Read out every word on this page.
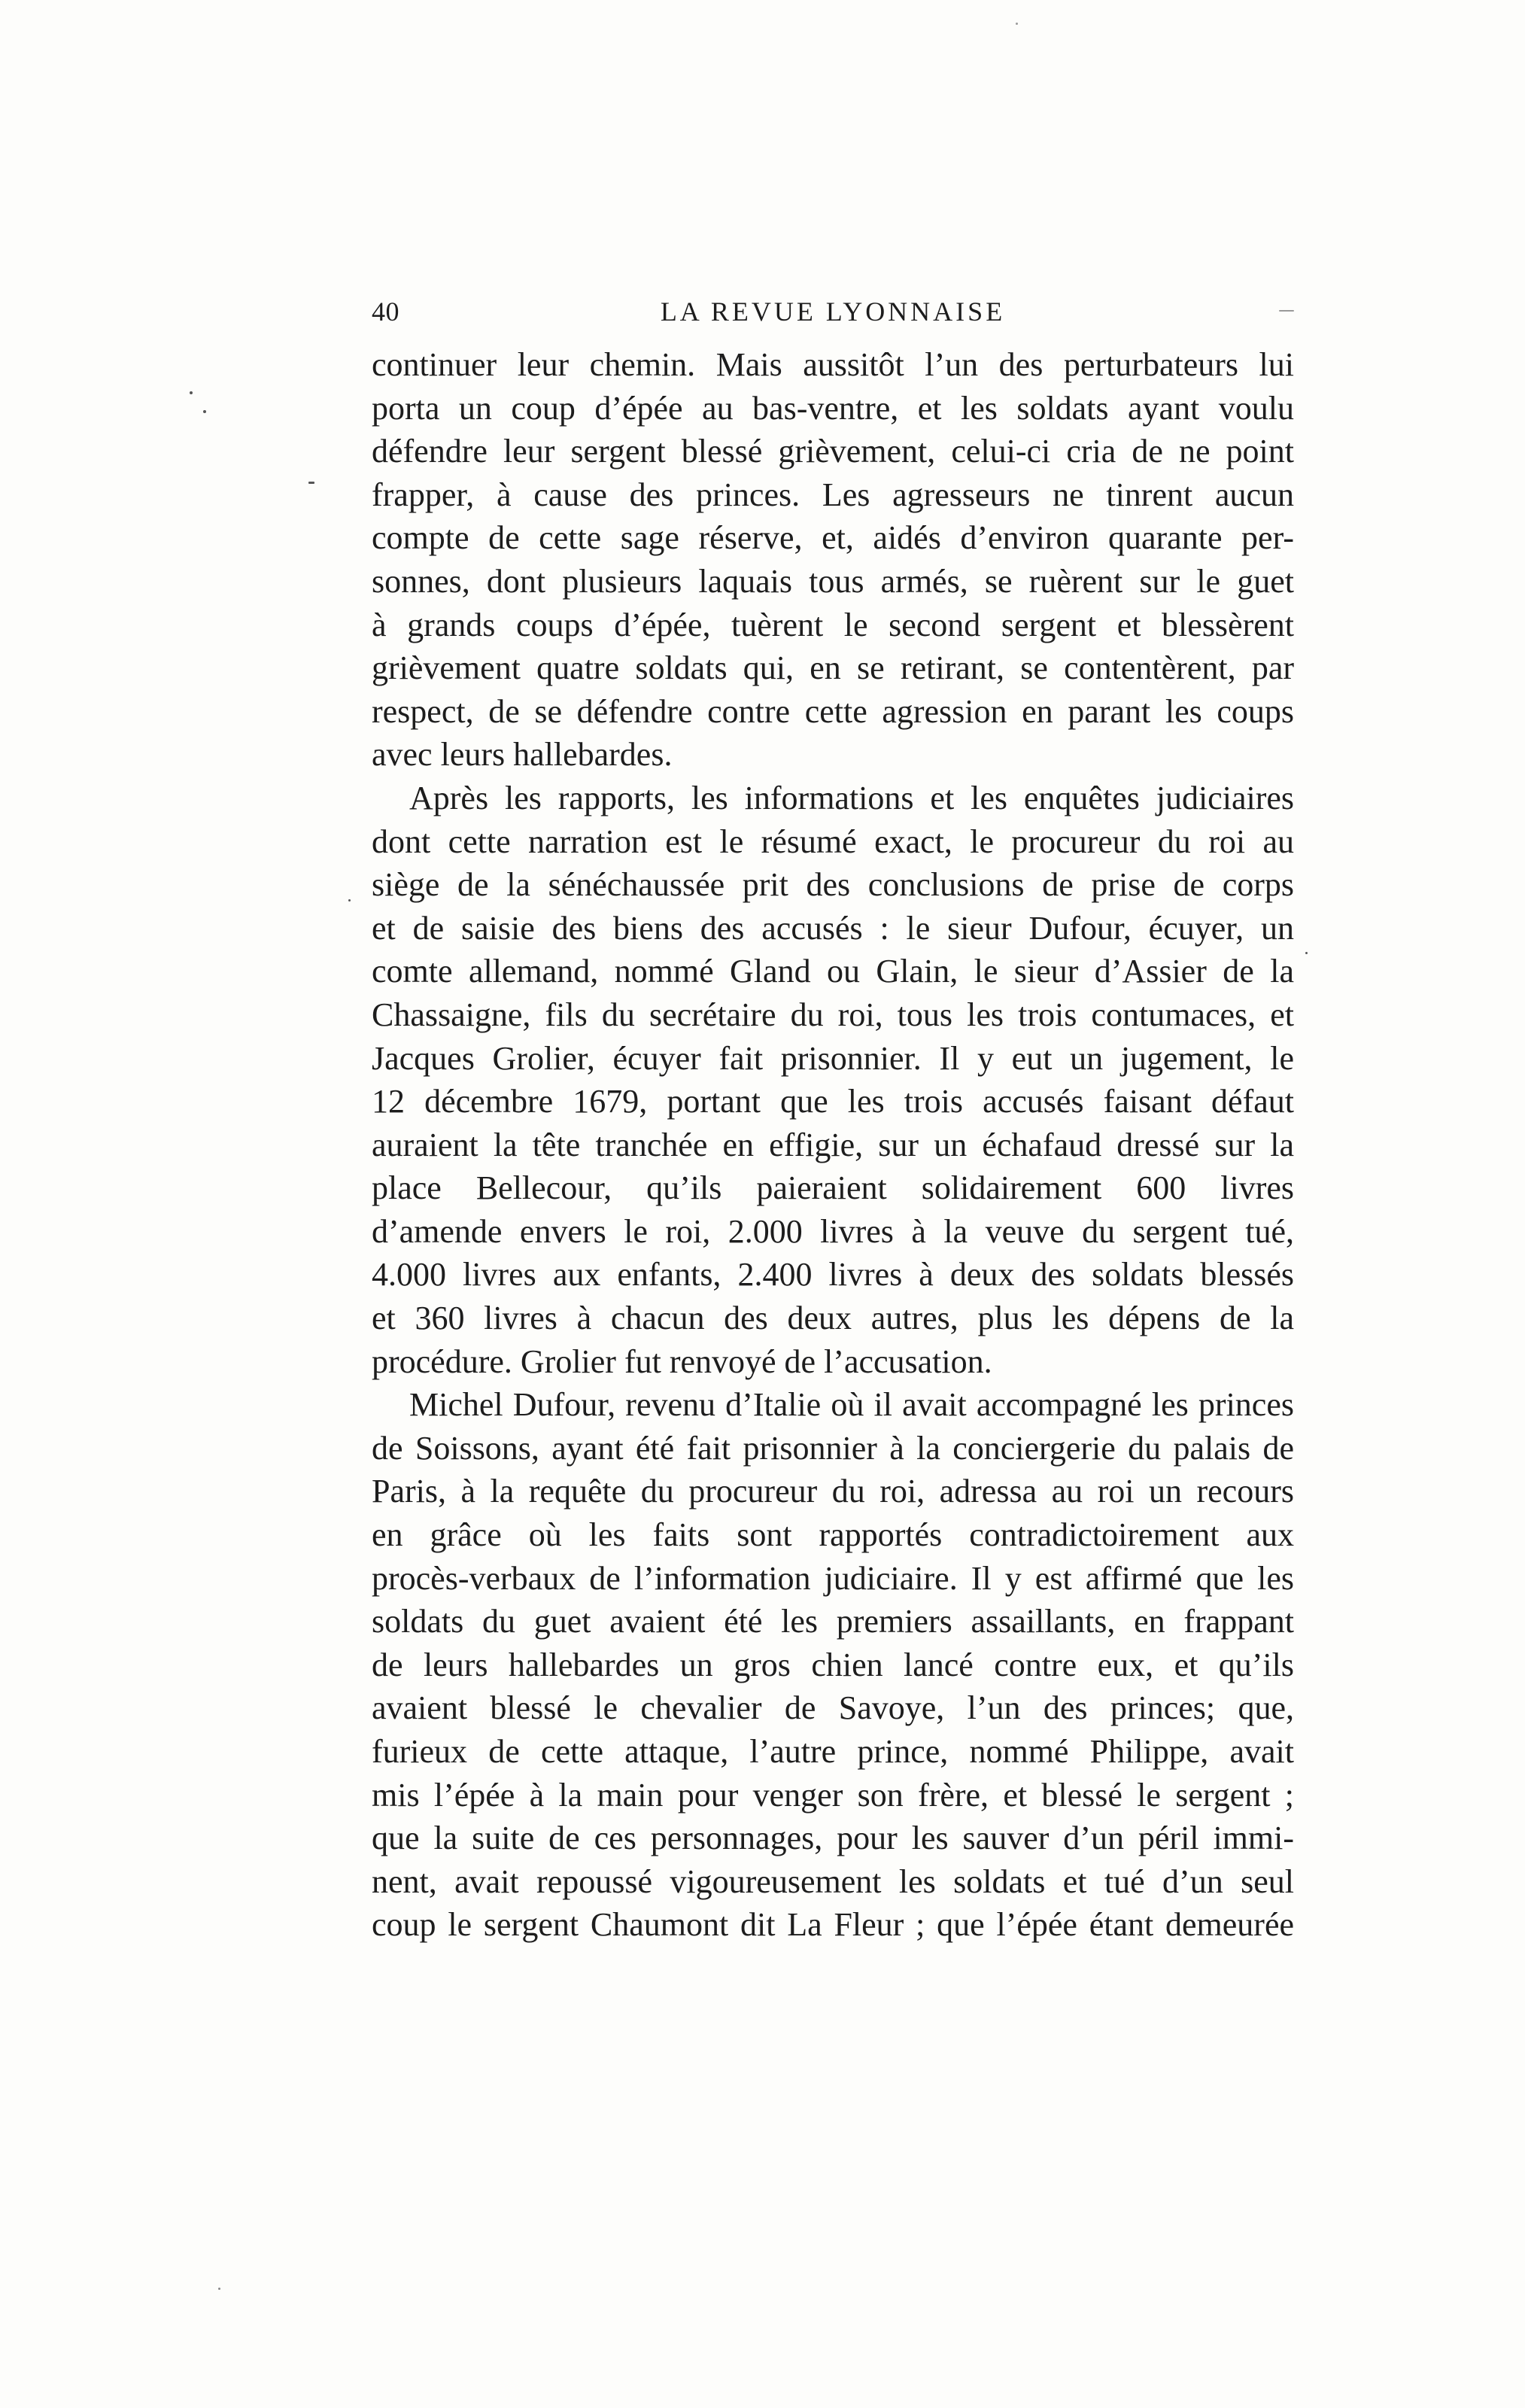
40	LA REVUE LYONNAISE
continuer leur chemin. Mais aussitôt l’un des perturbateurs lui
porta un coup d’épée au bas-ventre, et les soldats ayant voulu
défendre leur sergent blessé grièvement, celui-ci cria de ne point
frapper, à cause des princes. Les agresseurs ne tinrent aucun
compte de cette sage réserve, et, aidés d’environ quarante per-
sonnes, dont plusieurs laquais tous armés, se ruèrent sur le guet
à grands coups d’épée, tuèrent le second sergent et blessèrent
grièvement quatre soldats qui, en se retirant, se contentèrent, par
respect, de se défendre contre cette agression en parant les coups
avec leurs hallebardes.
Après les rapports, les informations et les enquêtes judiciaires
dont cette narration est le résumé exact, le procureur du roi au
siège de la sénéchaussée prit des conclusions de prise de corps
et de saisie des biens des accusés : le sieur Dufour, écuyer, un
comte allemand, nommé Gland ou Glain, le sieur d’Assier de la
Chassaigne, fils du secrétaire du roi, tous les trois contumaces, et
Jacques Grolier, écuyer fait prisonnier. Il y eut un jugement, le
12 décembre 1679, portant que les trois accusés faisant défaut
auraient la tête tranchée en effigie, sur un échafaud dressé sur la
place Bellecour, qu’ils paieraient solidairement 600 livres
d’amende envers le roi, 2.000 livres à la veuve du sergent tué,
4.000 livres aux enfants, 2.400 livres à deux des soldats blessés
et 360 livres à chacun des deux autres, plus les dépens de la
procédure. Grolier fut renvoyé de l’accusation.
Michel Dufour, revenu d’Italie où il avait accompagné les princes
de Soissons, ayant été fait prisonnier à la conciergerie du palais de
Paris, à la requête du procureur du roi, adressa au roi un recours
en grâce où les faits sont rapportés contradictoirement aux
procès-verbaux de l’information judiciaire. Il y est affirmé que les
soldats du guet avaient été les premiers assaillants, en frappant
de leurs hallebardes un gros chien lancé contre eux, et qu’ils
avaient blessé le chevalier de Savoye, l’un des princes; que,
furieux de cette attaque, l’autre prince, nommé Philippe, avait
mis l’épée à la main pour venger son frère, et blessé le sergent ;
que la suite de ces personnages, pour les sauver d’un péril immi-
nent, avait repoussé vigoureusement les soldats et tué d’un seul
coup le sergent Chaumont dit La Fleur ; que l’épée étant demeurée
